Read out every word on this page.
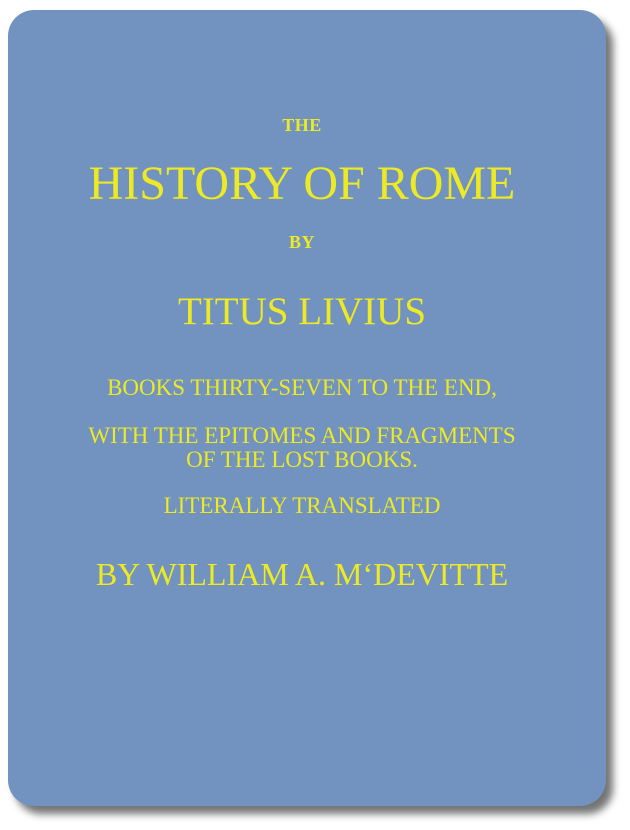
THE
HISTORY OF ROME
BY
TITUS LIVIUS
BOOKS THIRTY-SEVEN TO THE END,
WITH THE EPITOMES AND FRAGMENTS
OF THE LOST BOOKS.
LITERALLY TRANSLATED
BY WILLIAM A. M‘DEVITTE
